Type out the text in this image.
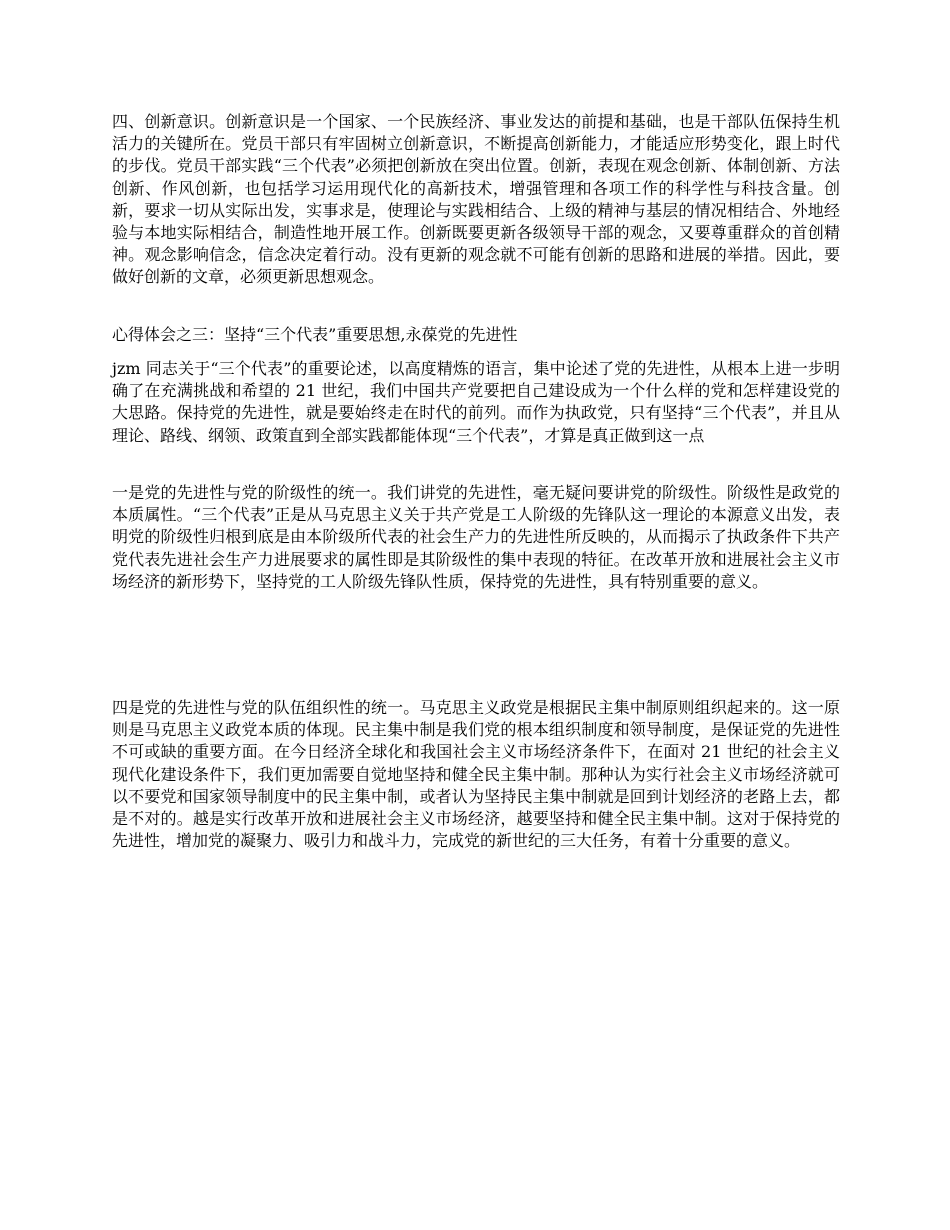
四、创新意识。创新意识是一个国家、一个民族经济、事业发达的前提和基础，也是干部队伍保持生机活力的关键所在。党员干部只有牢固树立创新意识，不断提高创新能力，才能适应形势变化，跟上时代的步伐。党员干部实践“三个代表”必须把创新放在突出位置。创新，表现在观念创新、体制创新、方法创新、作风创新，也包括学习运用现代化的高新技术，增强管理和各项工作的科学性与科技含量。创新，要求一切从实际出发，实事求是，使理论与实践相结合、上级的精神与基层的情况相结合、外地经验与本地实际相结合，制造性地开展工作。创新既要更新各级领导干部的观念，又要尊重群众的首创精神。观念影响信念，信念决定着行动。没有更新的观念就不可能有创新的思路和进展的举措。因此，要做好创新的文章，必须更新思想观念。

心得体会之三：坚持“三个代表”重要思想,永葆党的先进性

jzm 同志关于“三个代表”的重要论述，以高度精炼的语言，集中论述了党的先进性，从根本上进一步明确了在充满挑战和希望的 21 世纪，我们中国共产党要把自己建设成为一个什么样的党和怎样建设党的大思路。保持党的先进性，就是要始终走在时代的前列。而作为执政党，只有坚持“三个代表”，并且从理论、路线、纲领、政策直到全部实践都能体现“三个代表”，才算是真正做到这一点

一是党的先进性与党的阶级性的统一。我们讲党的先进性，毫无疑问要讲党的阶级性。阶级性是政党的本质属性。“三个代表”正是从马克思主义关于共产党是工人阶级的先锋队这一理论的本源意义出发，表明党的阶级性归根到底是由本阶级所代表的社会生产力的先进性所反映的，从而揭示了执政条件下共产党代表先进社会生产力进展要求的属性即是其阶级性的集中表现的特征。在改革开放和进展社会主义市场经济的新形势下，坚持党的工人阶级先锋队性质，保持党的先进性，具有特别重要的意义。

四是党的先进性与党的队伍组织性的统一。马克思主义政党是根据民主集中制原则组织起来的。这一原则是马克思主义政党本质的体现。民主集中制是我们党的根本组织制度和领导制度，是保证党的先进性不可或缺的重要方面。在今日经济全球化和我国社会主义市场经济条件下，在面对 21 世纪的社会主义现代化建设条件下，我们更加需要自觉地坚持和健全民主集中制。那种认为实行社会主义市场经济就可以不要党和国家领导制度中的民主集中制，或者认为坚持民主集中制就是回到计划经济的老路上去，都是不对的。越是实行改革开放和进展社会主义市场经济，越要坚持和健全民主集中制。这对于保持党的先进性，增加党的凝聚力、吸引力和战斗力，完成党的新世纪的三大任务，有着十分重要的意义。
